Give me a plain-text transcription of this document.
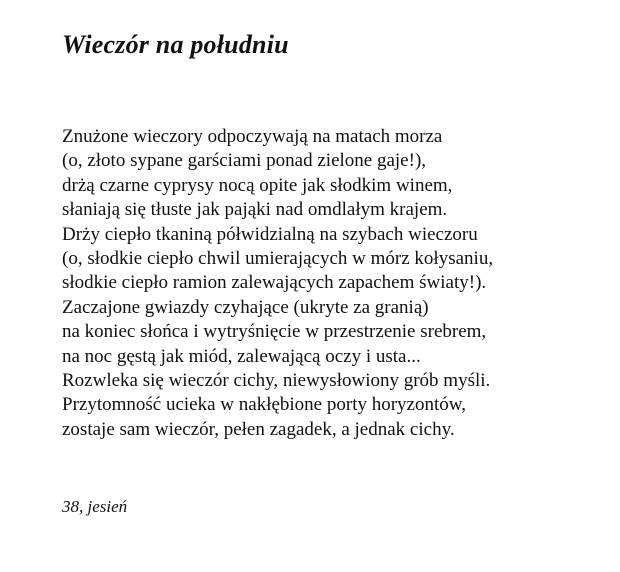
Wieczór na południu
Znużone wieczory odpoczywają na matach morza
(o, złoto sypane garściami ponad zielone gaje!),
drżą czarne cyprysy nocą opite jak słodkim winem,
słaniają się tłuste jak pająki nad omdlałym krajem.
Drży ciepło tkaniną półwidzialną na szybach wieczoru
(o, słodkie ciepło chwil umierających w mórz kołysaniu,
słodkie ciepło ramion zalewających zapachem światy!).
Zaczajone gwiazdy czyhające (ukryte za granią)
na koniec słońca i wytryśnięcie w przestrzenie srebrem,
na noc gęstą jak miód, zalewającą oczy i usta...
Rozwleka się wieczór cichy, niewysłowiony grób myśli.
Przytomność ucieka w nakłębione porty horyzontów,
zostaje sam wieczór, pełen zagadek, a jednak cichy.

38, jesień
